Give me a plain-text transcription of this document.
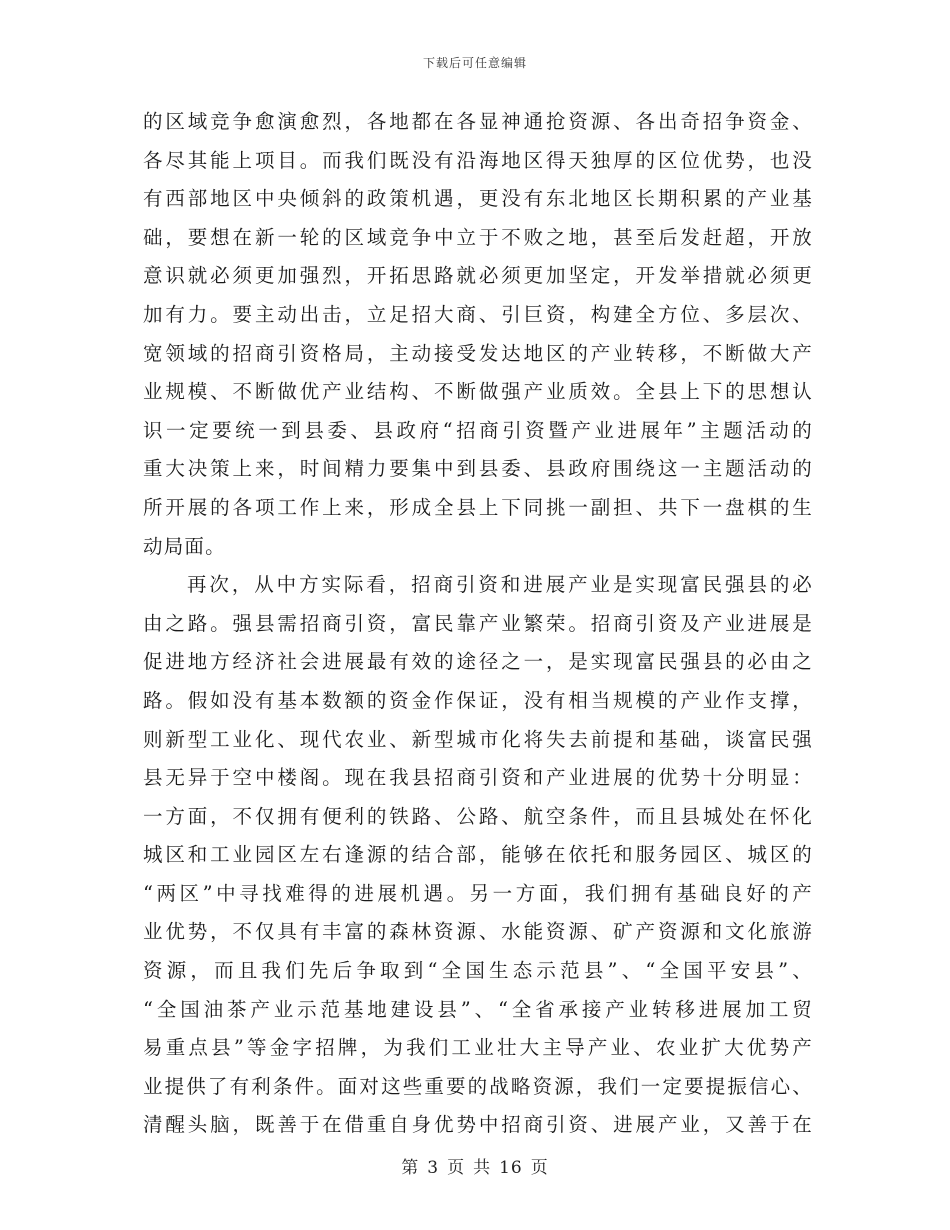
下载后可任意编辑
的区域竞争愈演愈烈，各地都在各显神通抢资源、各出奇招争资金、
各尽其能上项目。而我们既没有沿海地区得天独厚的区位优势，也没
有西部地区中央倾斜的政策机遇，更没有东北地区长期积累的产业基
础，要想在新一轮的区域竞争中立于不败之地，甚至后发赶超，开放
意识就必须更加强烈，开拓思路就必须更加坚定，开发举措就必须更
加有力。要主动出击，立足招大商、引巨资，构建全方位、多层次、
宽领域的招商引资格局，主动接受发达地区的产业转移，不断做大产
业规模、不断做优产业结构、不断做强产业质效。全县上下的思想认
识一定要统一到县委、县政府“招商引资暨产业进展年”主题活动的
重大决策上来，时间精力要集中到县委、县政府围绕这一主题活动的
所开展的各项工作上来，形成全县上下同挑一副担、共下一盘棋的生
动局面。
再次，从中方实际看，招商引资和进展产业是实现富民强县的必
由之路。强县需招商引资，富民靠产业繁荣。招商引资及产业进展是
促进地方经济社会进展最有效的途径之一，是实现富民强县的必由之
路。假如没有基本数额的资金作保证，没有相当规模的产业作支撑，
则新型工业化、现代农业、新型城市化将失去前提和基础，谈富民强
县无异于空中楼阁。现在我县招商引资和产业进展的优势十分明显：
一方面，不仅拥有便利的铁路、公路、航空条件，而且县城处在怀化
城区和工业园区左右逢源的结合部，能够在依托和服务园区、城区的
“两区”中寻找难得的进展机遇。另一方面，我们拥有基础良好的产
业优势，不仅具有丰富的森林资源、水能资源、矿产资源和文化旅游
资源，而且我们先后争取到“全国生态示范县”、“全国平安县”、
“全国油茶产业示范基地建设县”、“全省承接产业转移进展加工贸
易重点县”等金字招牌，为我们工业壮大主导产业、农业扩大优势产
业提供了有利条件。面对这些重要的战略资源，我们一定要提振信心、
清醒头脑，既善于在借重自身优势中招商引资、进展产业，又善于在
第 3 页 共 16 页
